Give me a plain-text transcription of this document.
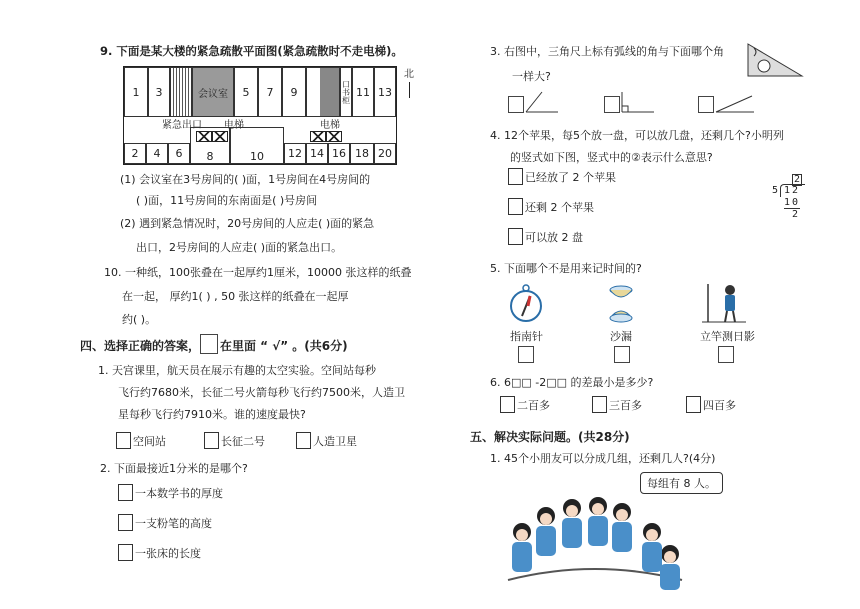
9. 下面是某大楼的紧急疏散平面图(紧急疏散时不走电梯)。
1 3	会议室 5 7 9	口书柜 11 13
紧急出口 电梯	电梯
2 4 6 8	10 12 14 16 18 20
北
(1) 会议室在3号房间的( )面，1号房间在4号房间的
( )面，11号房间的东南面是( )号房间
(2) 遇到紧急情况时，20号房间的人应走( )面的紧急
出口，2号房间的人应走( )面的紧急出口。
10. 一种纸，100张叠在一起厚约1厘米，10000 张这样的纸叠
在一起， 厚约1( ) , 50 张这样的纸叠在一起厚
约( )。
四、选择正确的答案， 在里面 “ √” 。(共6分)
1. 天宫课里，航天员在展示有趣的太空实验。空间站每秒
飞行约7680米，长征二号火箭每秒飞行约7500米，人造卫
星每秒飞行约7910米。谁的速度最快?
空间站	长征二号	人造卫星
2. 下面最接近1分米的是哪个?
一本数学书的厚度
一支粉笔的高度
一张床的长度
3. 右图中，三角尺上标有弧线的角与下面哪个角
一样大?
4. 12个苹果，每5个放一盘，可以放几盘，还剩几个?小明列
的竖式如下图，竖式中的②表示什么意思?
已经放了 2 个苹果
还剩 2 个苹果
可以放 2 盘
2
5 12
10
2
5. 下面哪个不是用来记时间的?
指南针	沙漏	立竿测日影
6. 6□□ -2□□ 的差最小是多少?
二百多	三百多	四百多
五、解决实际问题。(共28分)
1. 45个小朋友可以分成几组，还剩几人?(4分)
每组有 8 人。
